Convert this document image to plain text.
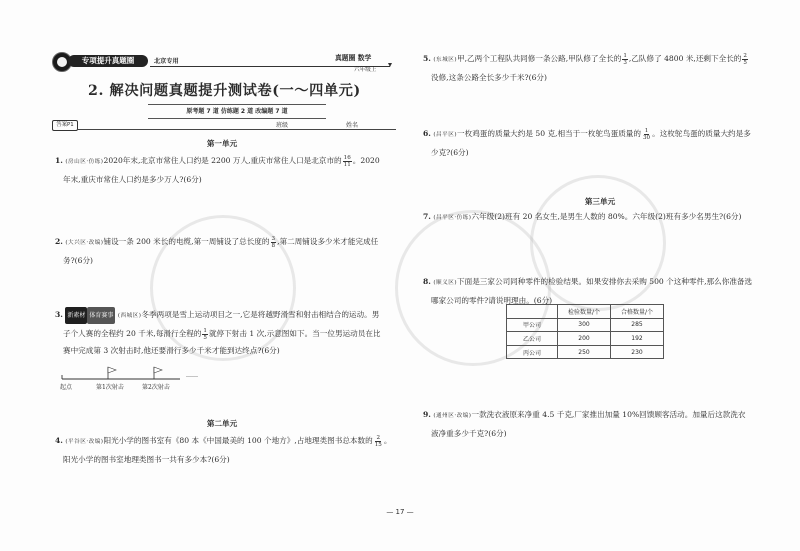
专项提升真题圈	北京专用	真题圈 数学
六年级上
2. 解决问题真题提升测试卷(一～四单元)
原考题 7 道 仿练题 2 道 改编题 7 道
答案P1	班级	姓名
第一单元
1. (房山区·仿练)2020年末,北京市常住人口约是 2200 万人,重庆市常住人口是北京市的 $\frac{16}{11}$ 。2020
年末,重庆市常住人口约是多少万人?(6分)
2. (大兴区·改编)铺设一条 200 米长的电缆,第一周铺设了总长度的 $\frac{3}{8}$ ,第二周铺设多少米才能完成任
务?(6分)
3. 新素材 体育赛事 (西城区)冬季两项是雪上运动项目之一,它是将越野滑雪和射击相结合的运动。男
子个人赛的全程约 20 千米,每滑行全程的 $\frac{1}{5}$ 就停下射击 1 次,示意图如下。当一位男运动员在比
赛中完成第 3 次射击时,他还要滑行多少千米才能到达终点?(6分)
起点	第1次射击	第2次射击
……
第二单元
4. (平谷区·改编)阳光小学的图书室有《80 本《中国最美的 100 个地方》,占地理类图书总本数的 $\frac{2}{15}$ 。
阳光小学的图书室地理类图书一共有多少本?(6分)
5. (东城区)甲,乙两个工程队共同修一条公路,甲队修了全长的 $\frac{1}{3}$ ,乙队修了 4800 米,还剩下全长的 $\frac{2}{5}$
没修,这条公路全长多少千米?(6分)
6. (昌平区)一枚鸡蛋的质量大约是 50 克,相当于一枚鸵鸟蛋质量的 $\frac{1}{30}$ 。这枚鸵鸟蛋的质量大约是多
少克?(6分)
第三单元
7. (昌平区·仿练)六年级(2)班有 20 名女生,是男生人数的 80%。六年级(2)班有多少名男生?(6分)
8. (顺义区)下面是三家公司同种零件的检验结果。如果安排你去采购 500 个这种零件,那么你准备选
哪家公司的零件?请说明理由。(6分)
	检验数量/个	合格数量/个
甲公司	300	285
乙公司	200	192
丙公司	250	230
9. (通州区·改编)一款洗衣液原来净重 4.5 千克,厂家推出加量 10%回馈顾客活动。加量后这款洗衣
液净重多少千克?(6分)
— 17 —
